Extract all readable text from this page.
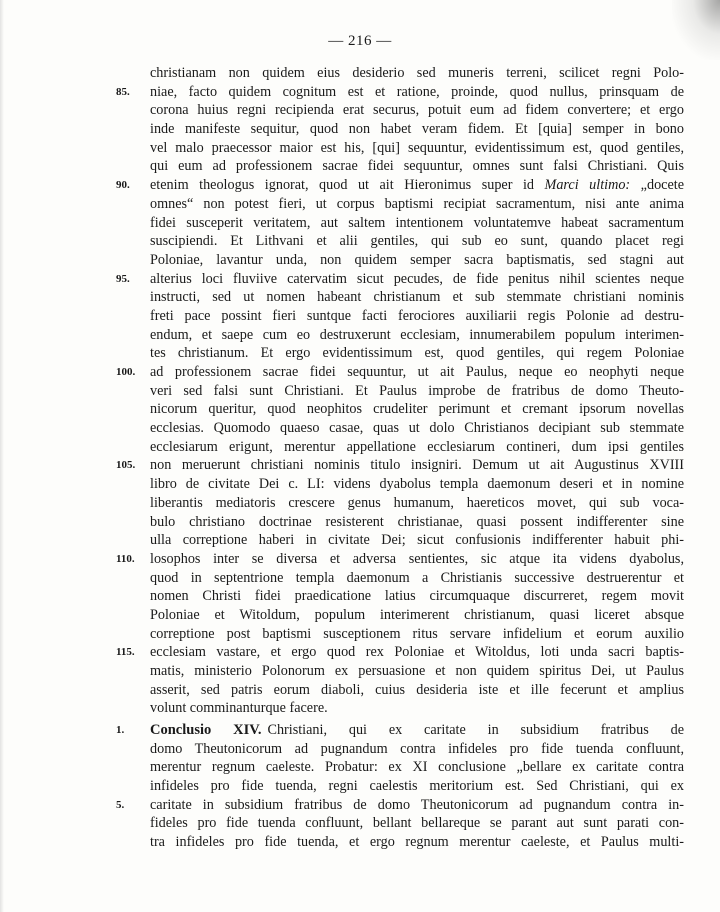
— 216 —
christianam non quidem eius desiderio sed muneris terreni, scilicet regni Polo-
85. niae, facto quidem cognitum est et ratione, proinde, quod nullus, prinsquam de
corona huius regni recipienda erat securus, potuit eum ad fidem convertere; et ergo
inde manifeste sequitur, quod non habet veram fidem. Et [quia] semper in bono
vel malo praecessor maior est his, [qui] sequuntur, evidentissimum est, quod gentiles,
qui eum ad professionem sacrae fidei sequuntur, omnes sunt falsi Christiani. Quis
90. etenim theologus ignorat, quod ut ait Hieronimus super id Marci ultimo: „docete
omnes“ non potest fieri, ut corpus baptismi recipiat sacramentum, nisi ante anima
fidei susceperit veritatem, aut saltem intentionem voluntatemve habeat sacramentum
suscipiendi. Et Lithvani et alii gentiles, qui sub eo sunt, quando placet regi
Poloniae, lavantur unda, non quidem semper sacra baptismatis, sed stagni aut
95. alterius loci fluviive catervatim sicut pecudes, de fide penitus nihil scientes neque
instructi, sed ut nomen habeant christianum et sub stemmate christiani nominis
freti pace possint fieri suntque facti ferociores auxiliarii regis Polonie ad destru-
endum, et saepe cum eo destruxerunt ecclesiam, innumerabilem populum interimen-
tes christianum. Et ergo evidentissimum est, quod gentiles, qui regem Poloniae
100. ad professionem sacrae fidei sequuntur, ut ait Paulus, neque eo neophyti neque
veri sed falsi sunt Christiani. Et Paulus improbe de fratribus de domo Theuto-
nicorum queritur, quod neophitos crudeliter perimunt et cremant ipsorum novellas
ecclesias. Quomodo quaeso casae, quas ut dolo Christianos decipiant sub stemmate
ecclesiarum erigunt, merentur appellatione ecclesiarum contineri, dum ipsi gentiles
105. non meruerunt christiani nominis titulo insigniri. Demum ut ait Augustinus XVIII
libro de civitate Dei c. LI: videns dyabolus templa daemonum deseri et in nomine
liberantis mediatoris crescere genus humanum, haereticos movet, qui sub voca-
bulo christiano doctrinae resisterent christianae, quasi possent indifferenter sine
ulla correptione haberi in civitate Dei; sicut confusionis indifferenter habuit phi-
110. losophos inter se diversa et adversa sentientes, sic atque ita videns dyabolus,
quod in septentrione templa daemonum a Christianis successive destruerentur et
nomen Christi fidei praedicatione latius circumquaque discurreret, regem movit
Poloniae et Witoldum, populum interimerent christianum, quasi liceret absque
correptione post baptismi susceptionem ritus servare infidelium et eorum auxilio
115. ecclesiam vastare, et ergo quod rex Poloniae et Witoldus, loti unda sacri baptis-
matis, ministerio Polonorum ex persuasione et non quidem spiritus Dei, ut Paulus
asserit, sed patris eorum diaboli, cuius desideria iste et ille fecerunt et amplius
volunt comminanturque facere.
1. Conclusio XIV. Christiani, qui ex caritate in subsidium fratribus de
domo Theutonicorum ad pugnandum contra infideles pro fide tuenda confluunt,
merentur regnum caeleste. Probatur: ex XI conclusione „bellare ex caritate contra
infideles pro fide tuenda, regni caelestis meritorium est. Sed Christiani, qui ex
5. caritate in subsidium fratribus de domo Theutonicorum ad pugnandum contra in-
fideles pro fide tuenda confluunt, bellant bellareque se parant aut sunt parati con-
tra infideles pro fide tuenda, et ergo regnum merentur caeleste, et Paulus multi-
